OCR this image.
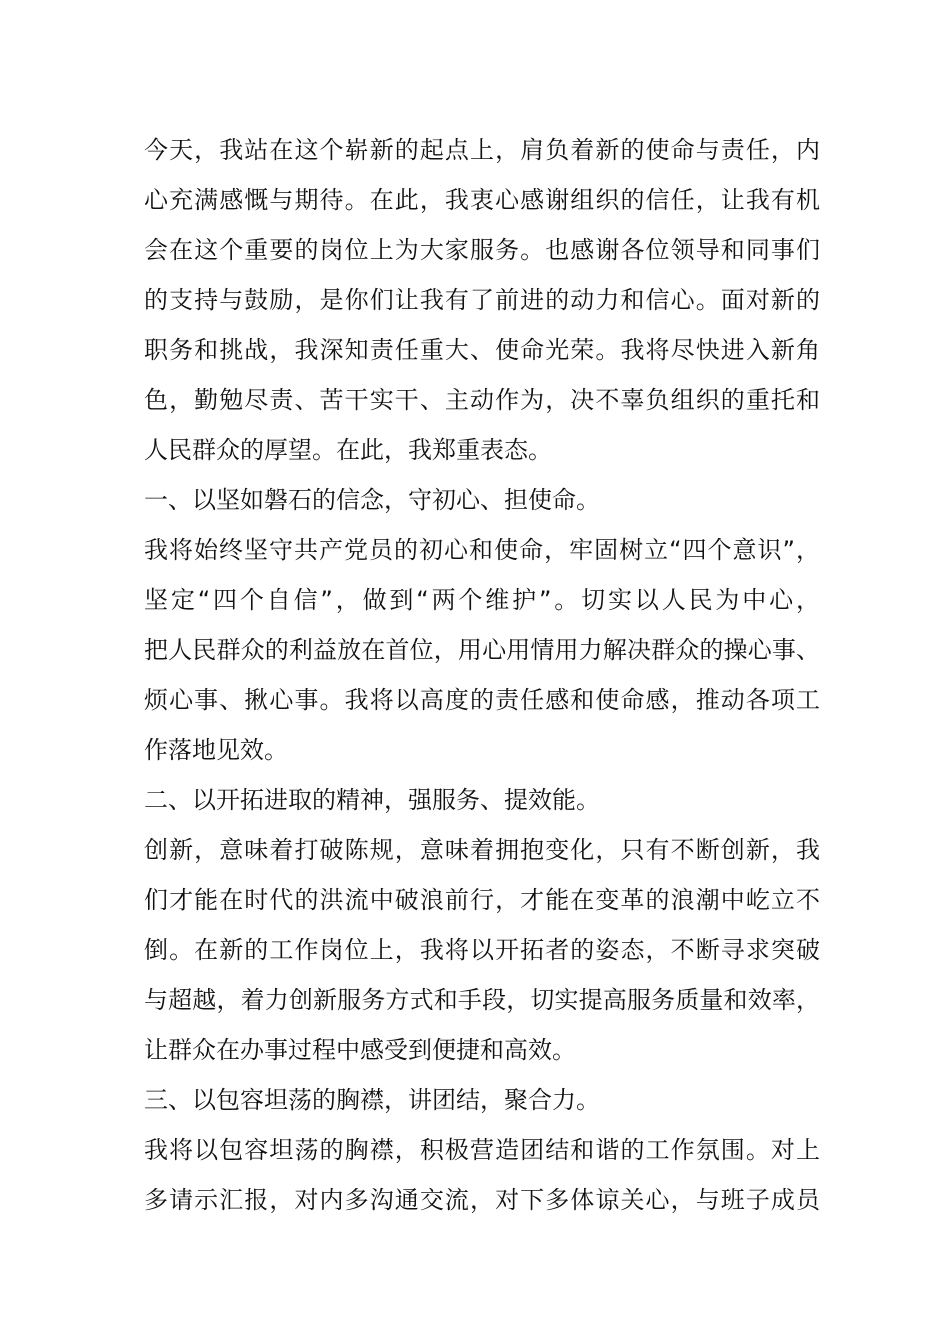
今天，我站在这个崭新的起点上，肩负着新的使命与责任，内
心充满感慨与期待。在此，我衷心感谢组织的信任，让我有机
会在这个重要的岗位上为大家服务。也感谢各位领导和同事们
的支持与鼓励，是你们让我有了前进的动力和信心。面对新的
职务和挑战，我深知责任重大、使命光荣。我将尽快进入新角
色，勤勉尽责、苦干实干、主动作为，决不辜负组织的重托和
人民群众的厚望。在此，我郑重表态。
一、以坚如磐石的信念，守初心、担使命。
我将始终坚守共产党员的初心和使命，牢固树立“四个意识”，
坚定“四个自信”，做到“两个维护”。切实以人民为中心，
把人民群众的利益放在首位，用心用情用力解决群众的操心事、
烦心事、揪心事。我将以高度的责任感和使命感，推动各项工
作落地见效。
二、以开拓进取的精神，强服务、提效能。
创新，意味着打破陈规，意味着拥抱变化，只有不断创新，我
们才能在时代的洪流中破浪前行，才能在变革的浪潮中屹立不
倒。在新的工作岗位上，我将以开拓者的姿态，不断寻求突破
与超越，着力创新服务方式和手段，切实提高服务质量和效率，
让群众在办事过程中感受到便捷和高效。
三、以包容坦荡的胸襟，讲团结，聚合力。
我将以包容坦荡的胸襟，积极营造团结和谐的工作氛围。对上
多请示汇报，对内多沟通交流，对下多体谅关心，与班子成员
